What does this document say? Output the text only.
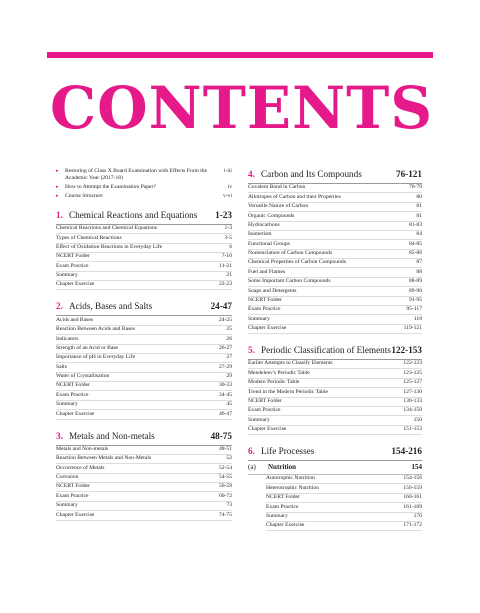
CONTENTS
▸	Restoring of Class X Board Examination with Effects From the Academic Year (2017-18)
i-iii
▸	How to Attempt the Examination Paper?	iv
▸	Course Structure	v-vi
1. Chemical Reactions and Equations	1-23
Chemical Reactions and Chemical Equations	1-3
Types of Chemical Reactions	3-5
Effect of Oxidation Reactions in Everyday Life	6
NCERT Folder	7-10
Exam Practice	11-21
Summary	21
Chapter Exercise	22-23
2. Acids, Bases and Salts	24-47
Acids and Bases	24-25
Reaction Between Acids and Bases	25
Indicators	26
Strength of an Acid or Base	26-27
Importance of pH in Everyday Life	27
Salts	27-29
Water of Crystallisation	29
NCERT Folder	30-33
Exam Practice	34-45
Summary	45
Chapter Exercise	46-47
3. Metals and Non-metals	48-75
Metals and Non-metals	48-51
Reaction Between Metals and Non-Metals	52
Occurrence of Metals	52-54
Corrosion	54-55
NCERT Folder	56-59
Exam Practice	60-72
Summary	73
Chapter Exercise	74-75
4. Carbon and Its Compounds	76-121
Covalent Bond in Carbon	76-79
Allotropes of Carbon and their Properties	80
Versatile Nature of Carbon	81
Organic Compounds	81
Hydrocarbons	81-83
Isomerism	84
Functional Groups	84-85
Nomenclature of Carbon Compounds	85-86
Chemical Properties of Carbon Compounds	87
Fuel and Flames	88
Some Important Carbon Compounds	88-89
Soaps and Detergents	89-90
NCERT Folder	91-95
Exam Practice	95-117
Summary	118
Chapter Exercise	119-121
5. Periodic Classification of Elements 122-153
Earlier Attempts to Classify Elements	122-123
Mendeleev's Periodic Table	123-125
Modern Periodic Table	125-127
Trend in the Modern Periodic Table	127-130
NCERT Folder	130-133
Exam Practice	134-150
Summary	150
Chapter Exercise	151-153
6. Life Processes	154-216
(a)	Nutrition	154
Autotrophic Nutrition	154-156
Heterotrophic Nutrition	156-159
NCERT Folder	160-161
Exam Practice	161-169
Summary	170
Chapter Exercise	171-172
